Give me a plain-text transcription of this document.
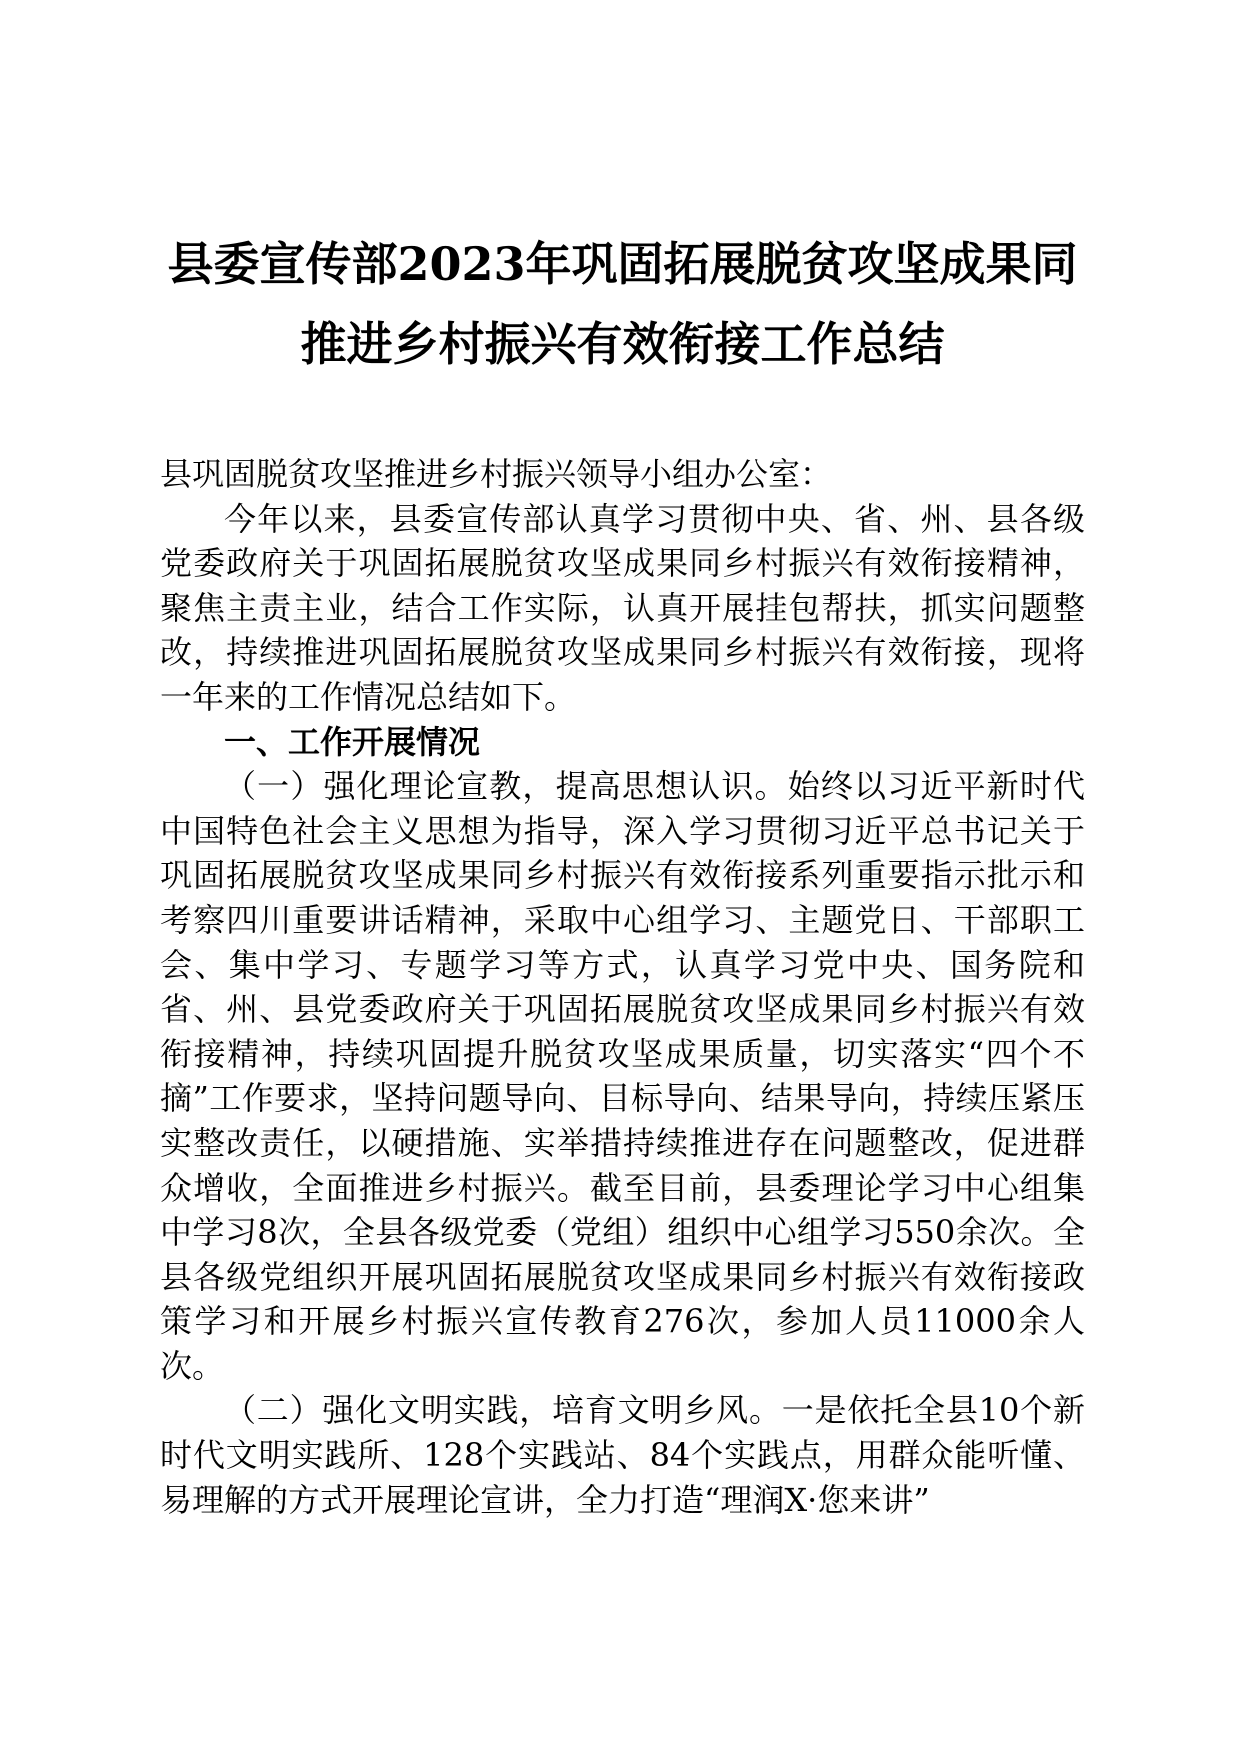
县委宣传部2023年巩固拓展脱贫攻坚成果同
推进乡村振兴有效衔接工作总结

县巩固脱贫攻坚推进乡村振兴领导小组办公室：

今年以来，县委宣传部认真学习贯彻中央、省、州、县各级党委政府关于巩固拓展脱贫攻坚成果同乡村振兴有效衔接精神，聚焦主责主业，结合工作实际，认真开展挂包帮扶，抓实问题整改，持续推进巩固拓展脱贫攻坚成果同乡村振兴有效衔接，现将一年来的工作情况总结如下。

一、工作开展情况

（一）强化理论宣教，提高思想认识。始终以习近平新时代中国特色社会主义思想为指导，深入学习贯彻习近平总书记关于巩固拓展脱贫攻坚成果同乡村振兴有效衔接系列重要指示批示和考察四川重要讲话精神，采取中心组学习、主题党日、干部职工会、集中学习、专题学习等方式，认真学习党中央、国务院和省、州、县党委政府关于巩固拓展脱贫攻坚成果同乡村振兴有效衔接精神，持续巩固提升脱贫攻坚成果质量，切实落实“四个不摘”工作要求，坚持问题导向、目标导向、结果导向，持续压紧压实整改责任，以硬措施、实举措持续推进存在问题整改，促进群众增收，全面推进乡村振兴。截至目前，县委理论学习中心组集中学习8次，全县各级党委（党组）组织中心组学习550余次。全县各级党组织开展巩固拓展脱贫攻坚成果同乡村振兴有效衔接政策学习和开展乡村振兴宣传教育276次，参加人员11000余人次。

（二）强化文明实践，培育文明乡风。一是依托全县10个新时代文明实践所、128个实践站、84个实践点，用群众能听懂、易理解的方式开展理论宣讲，全力打造“理润X·您来讲”
